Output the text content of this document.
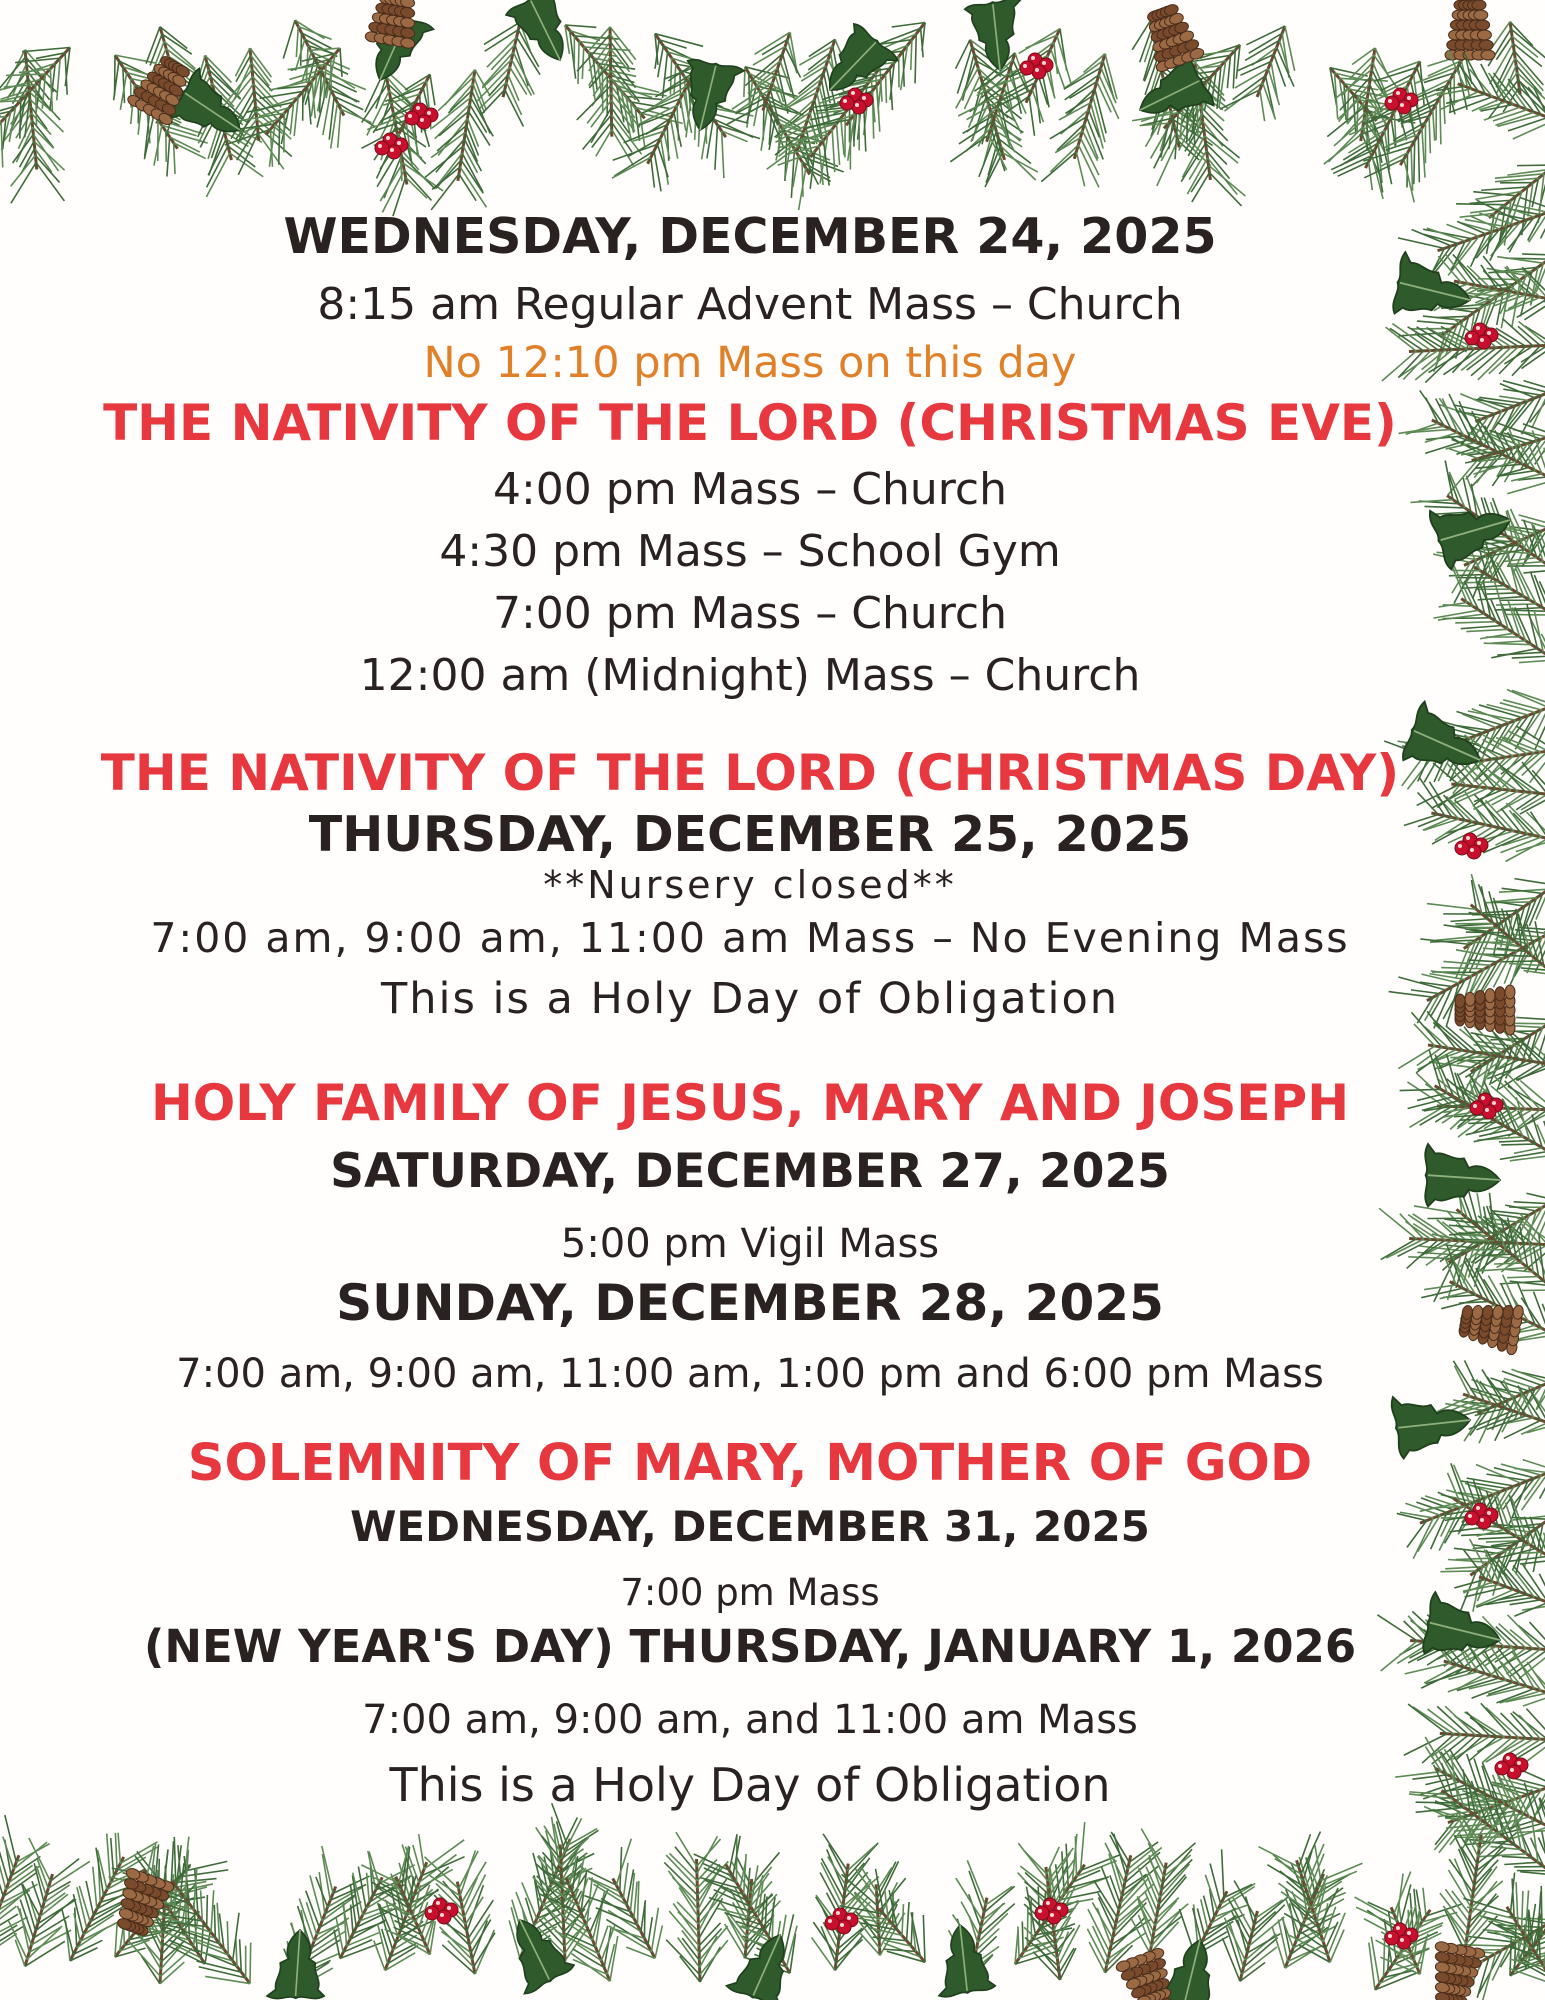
WEDNESDAY, DECEMBER 24, 2025
8:15 am Regular Advent Mass – Church
No 12:10 pm Mass on this day
THE NATIVITY OF THE LORD (CHRISTMAS EVE)
4:00 pm Mass – Church
4:30 pm Mass – School Gym
7:00 pm Mass – Church
12:00 am (Midnight) Mass – Church
THE NATIVITY OF THE LORD (CHRISTMAS DAY)
THURSDAY, DECEMBER 25, 2025
**Nursery closed**
7:00 am, 9:00 am, 11:00 am Mass – No Evening Mass
This is a Holy Day of Obligation
HOLY FAMILY OF JESUS, MARY AND JOSEPH
SATURDAY, DECEMBER 27, 2025
5:00 pm Vigil Mass
SUNDAY, DECEMBER 28, 2025
7:00 am, 9:00 am, 11:00 am, 1:00 pm and 6:00 pm Mass
SOLEMNITY OF MARY, MOTHER OF GOD
WEDNESDAY, DECEMBER 31, 2025
7:00 pm Mass
(NEW YEAR'S DAY) THURSDAY, JANUARY 1, 2026
7:00 am, 9:00 am, and 11:00 am Mass
This is a Holy Day of Obligation
